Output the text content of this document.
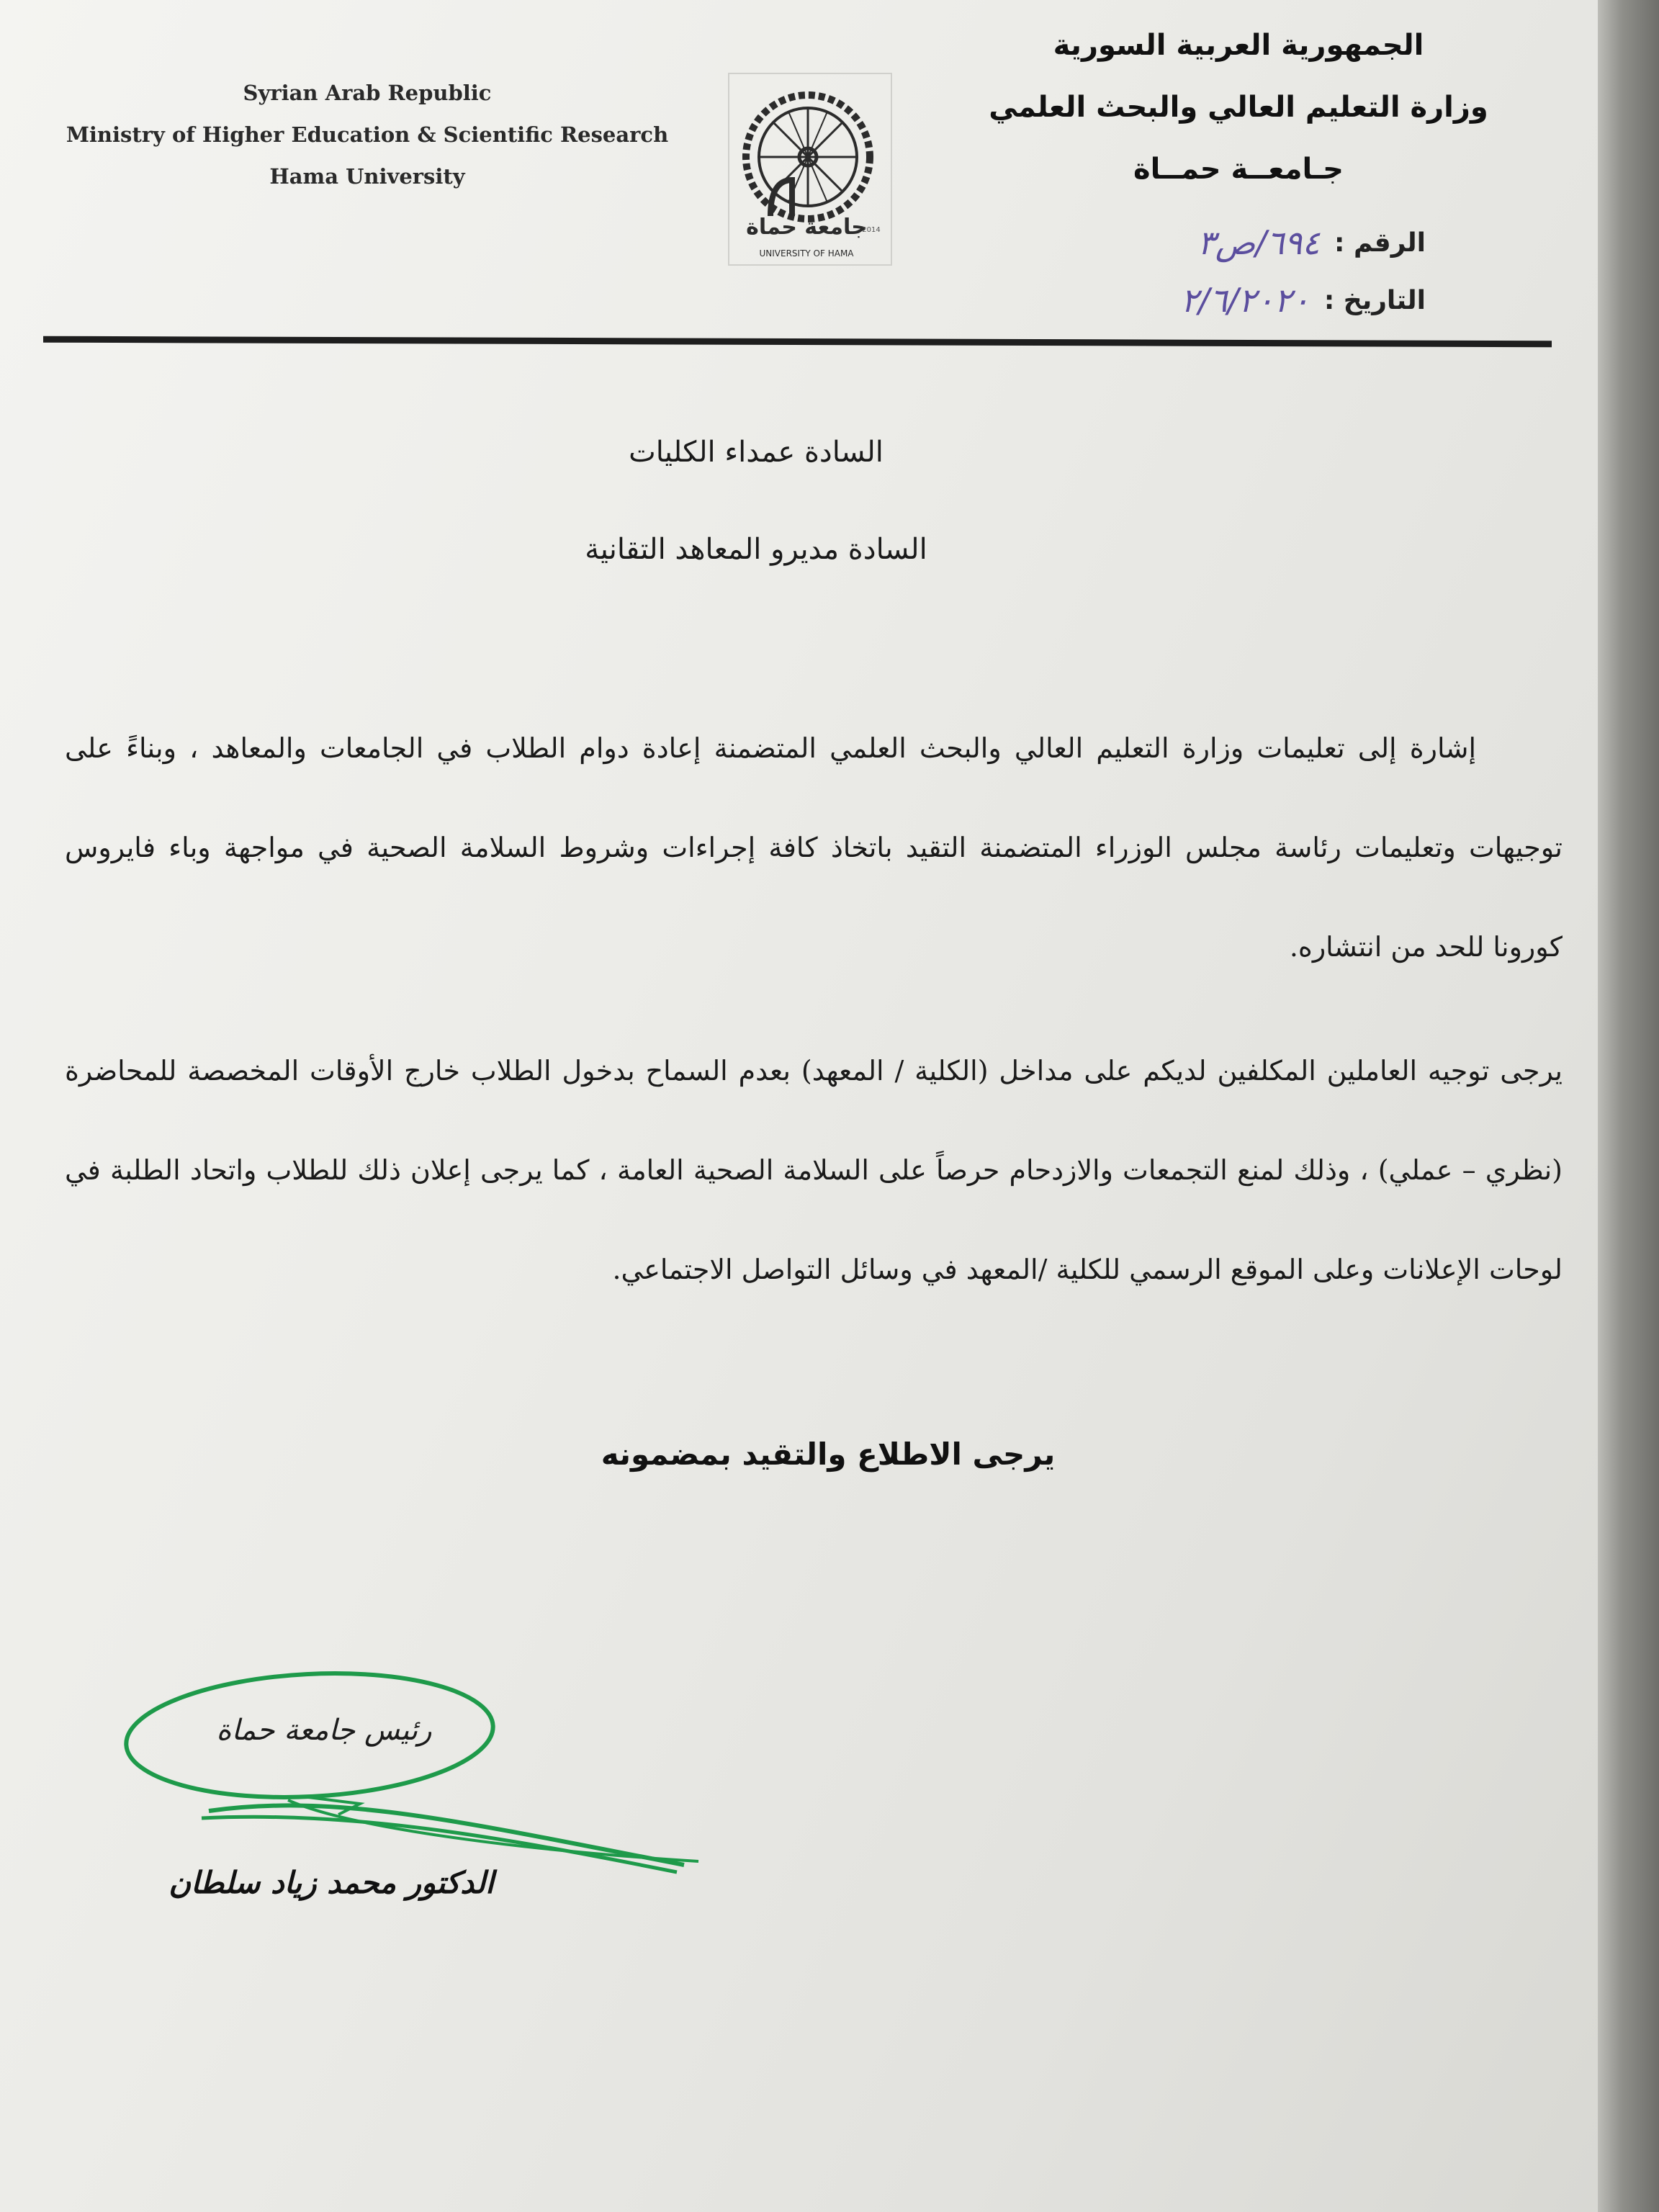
Syrian Arab Republic
Ministry of Higher Education & Scientific Research
Hama University
جامعة حماة
2014
UNIVERSITY OF HAMA
الجمهورية العربية السورية
وزارة التعليم العالي والبحث العلمي
جـامعــة حمــاة
الرقم :
٦٩٤/ص٣
التاريخ :
٢/٦/٢٠٢٠
السادة عمداء الكليات
السادة مديرو المعاهد التقانية
إشارة إلى تعليمات وزارة التعليم العالي والبحث العلمي المتضمنة إعادة دوام الطلاب في الجامعات والمعاهد ، وبناءً على توجيهات وتعليمات رئاسة مجلس الوزراء المتضمنة التقيد باتخاذ كافة إجراءات وشروط السلامة الصحية في مواجهة وباء فايروس كورونا للحد من انتشاره.
يرجى توجيه العاملين المكلفين لديكم على مداخل (الكلية / المعهد) بعدم السماح بدخول الطلاب خارج الأوقات المخصصة للمحاضرة (نظري – عملي) ، وذلك لمنع التجمعات والازدحام حرصاً على السلامة الصحية العامة ، كما يرجى إعلان ذلك للطلاب واتحاد الطلبة في لوحات الإعلانات وعلى الموقع الرسمي للكلية /المعهد في وسائل التواصل الاجتماعي.
يرجى الاطلاع والتقيد بمضمونه
رئيس جامعة حماة
الدكتور محمد زياد سلطان
